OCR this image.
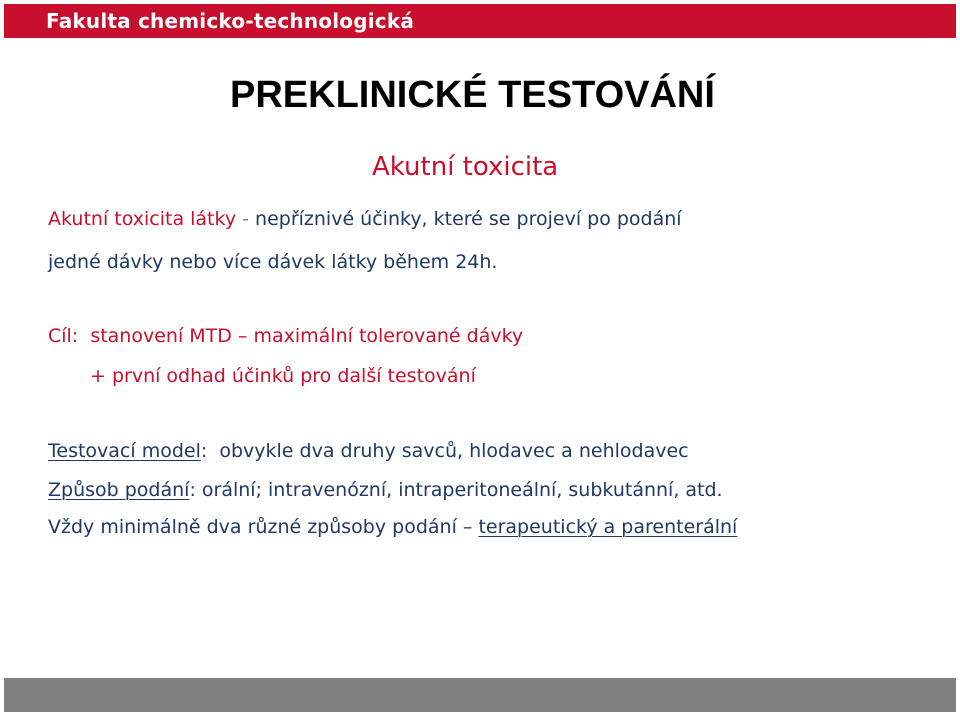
Fakulta chemicko-technologická
PREKLINICKÉ TESTOVÁNÍ
Akutní toxicita
Akutní toxicita látky - nepříznivé účinky, které se projeví po podání
jedné dávky nebo více dávek látky během 24h.
Cíl:  stanovení MTD – maximální tolerované dávky
+ první odhad účinků pro další testování
Testovací model:  obvykle dva druhy savců, hlodavec a nehlodavec
Způsob podání: orální; intravenózní, intraperitoneální, subkutánní, atd.
Vždy minimálně dva různé způsoby podání – terapeutický a parenterální
